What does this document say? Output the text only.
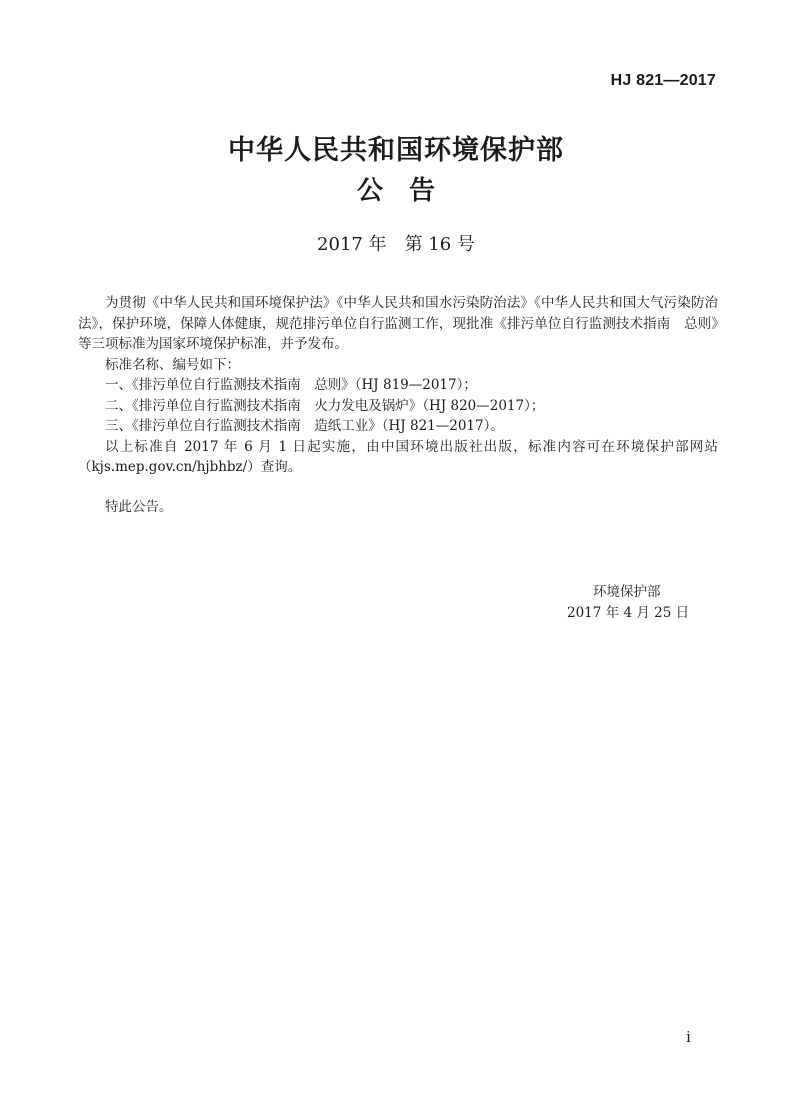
HJ 821—2017
中华人民共和国环境保护部
公告
2017 年　第 16 号

为贯彻《中华人民共和国环境保护法》《中华人民共和国水污染防治法》《中华人民共和国大气污染防治法》，保护环境，保障人体健康，规范排污单位自行监测工作，现批准《排污单位自行监测技术指南　总则》等三项标准为国家环境保护标准，并予发布。

标准名称、编号如下：

一、《排污单位自行监测技术指南　总则》（HJ 819—2017）；

二、《排污单位自行监测技术指南　火力发电及锅炉》（HJ 820—2017）；

三、《排污单位自行监测技术指南　造纸工业》（HJ 821—2017）。

以上标准自 2017 年 6 月 1 日起实施，由中国环境出版社出版，标准内容可在环境保护部网站（kjs.mep.gov.cn/hjbhbz/）查询。

特此公告。

环境保护部
2017 年 4 月 25 日
i
